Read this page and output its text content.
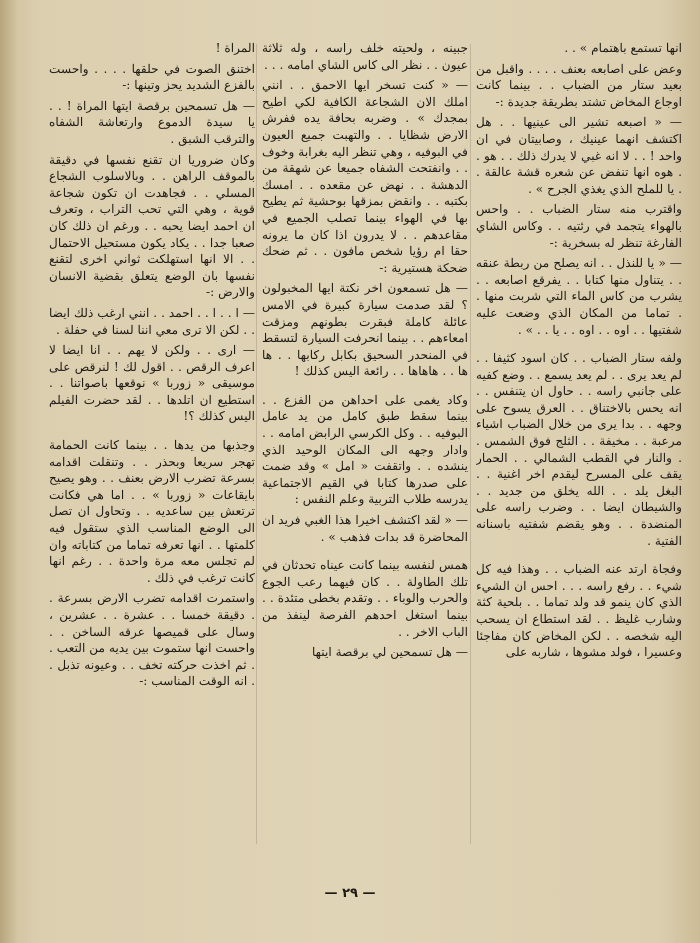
انها تستمع باهتمام » . .

وعض على اصابعه بعنف . . . . واقبل من بعيد ستار من الضباب . . بينما كانت اوجاع المخاض تشتد بطريقة جديدة :-

— « اصبعه تشير الى عينيها . . هل اكتشف انهما عينيك ، وصابيتان في ان واحد ! . . لا انه غبي لا يدرك ذلك . . هو . . هوه انها تنفض عن شعره قشة عالقة . . يا للملح الذي يغذي الجرح » .

واقترب منه ستار الضباب . . واحس بالهواء يتجمد في رئتيه . . وكاس الشاي الفارغة تنظر له بسخرية :-

— « يا للنذل . . انه يصلح من ربطة عنقه . . يتناول منها كتابا . . يفرقع اصابعه . . يشرب من كاس الماء التي شربت منها . . تماما من المكان الذي وضعت عليه شفتيها . . اوه . . اوه . . يا . . » .

ولفه ستار الضباب . . كان اسود كثيفا . . لم يعد يرى . . لم يعد يسمع . . وضع كفيه على جانبي راسه . . حاول ان يتنفس . . انه يحس بالاختناق . . العرق يسوح على وجهه . . بدا يرى من خلال الضباب اشياء مرعبة . . مخيفة . . الثلج فوق الشمس . . والنار في القطب الشمالي . . الحمار يقف على المسرح ليقدم اخر اغنية . . البغل يلد . . الله يخلق من جديد . . والشيطان ايضا . . وضرب راسه على المنضدة . . وهو يقضم شفتيه باسنانه الفتية .

وفجاة ارتد عنه الضباب . . وهذا فيه كل شيء . . رفع راسه . . . احس ان الشيء الذي كان ينمو قد ولد تماما . . بلحية كثة وشارب غليظ . . لقد استطاع ان يسحب اليه شخصه . . لكن المخاض كان مفاجئا وعسيرا ، فولد مشوها ، شاربه على

جبينه ، ولحيته خلف راسه ، وله ثلاثة عيون . . نظر الى كاس الشاي امامه . . .

— « كنت تسخر ايها الاحمق . . انني املك الان الشجاعة الكافية لكي اطيح بمجدك » . وضربه بحافة يده ففرش الارض شظايا . . والتهبت جميع العيون في البوفيه ، وهي تنظر اليه بغرابة وخوف . . وانفتحت الشفاه جميعا عن شهقة من الدهشة . . نهض عن مقعده . . امسك بكتبه . . وانقض بمزقها بوحشية ثم يطيح بها في الهواء بينما تصلب الجميع في مقاعدهم . . لا يدرون اذا كان ما يرونه حقا ام رؤيا شخص مافون . . ثم ضحك ضحكة هستيرية :-

— هل تسمعون اخر نكتة ايها المخبولون ؟ لقد صدمت سيارة كبيرة في الامس عائلة كاملة فبقرت بطونهم ومزقت امعاءهم . . بينما انحرفت السيارة لتسقط في المنحدر السحيق بكابل ركابها . . ها ها . . هاهاها . . رائعة اليس كذلك !

وكاد يغمى على احداهن من الفزع . . بينما سقط طبق كامل من يد عامل البوفيه . . وكل الكرسي الرابض امامه . . وادار وجهه الى المكان الوحيد الذي ينشده . . واتقفت « امل » وقد ضمت على صدرها كتابا في القيم الاجتماعية يدرسه طلاب التربية وعلم النفس :

— « لقد اكتشف اخيرا هذا الغبي فريد ان المحاضرة قد بدات فذهب » .

همس لنفسه بينما كانت عيناه تحدثان في تلك الطاولة . . كان فيهما رعب الجوع والحرب والوباء . . وتقدم بخطى متئدة . . بينما استغل احدهم الفرصة لينفذ من الباب الاخر . .

— هل تسمحين لي برقصة ايتها

المراة !

اختنق الصوت في حلقها . . . . واحست بالفزع الشديد يحز وتينها :-

— هل تسمحين برقصة ايتها المراة ! . . يا سيدة الدموع وارتعاشة الشفاه والترقب الشبق .

وكان ضروريا ان تقنع نفسها في دقيقة بالموقف الراهن . . وبالاسلوب الشجاع المسلي . . فجاهدت ان تكون شجاعة قوية ، وهي التي تحب التراب ، وتعرف ان احمد ايضا يحبه . . ورغم ان ذلك كان صعبا جدا . . يكاد يكون مستحيل الاحتمال . . الا انها استهلكت ثواني اخرى لتقنع نفسها بان الوضع يتعلق بقضية الانسان والارض :-

— ا . . ا . . احمد . . انني ارغب ذلك ايضا . . لكن الا ترى معي اننا لسنا في حفلة .

— ارى . . ولكن لا يهم . . انا ايضا لا اعرف الرقص . . اقول لك ! لنرقص على موسيقى « زوربا » نوقعها باصواتنا . . استطيع ان اتلدها . . لقد حضرت الفيلم اليس كذلك ؟!

وجذبها من يدها . . بينما كانت الحمامة تهجر سريعا وبحذر . . وتنقلت اقدامه بسرعة تضرب الارض بعنف . . وهو يصيح بايقاعات « زوربا » . . اما هي فكانت ترتعش بين ساعديه . . وتحاول ان تصل الى الوضع المناسب الذي ستقول فيه كلمتها . . انها تعرفه تماما من كتاباته وان لم تجلس معه مرة واحدة . . رغم انها كانت ترغب في ذلك .

واستمرت اقدامه تضرب الارض بسرعة . . دقيقة خمسا . . عشرة . . عشرين ، وسال على قميصها عرقه الساخن . . واحست انها ستموت بين يديه من التعب . . ثم اخذت حركته تخف . . وعيونه تذبل . . انه الوقت المناسب :-

— ٢٩ —
